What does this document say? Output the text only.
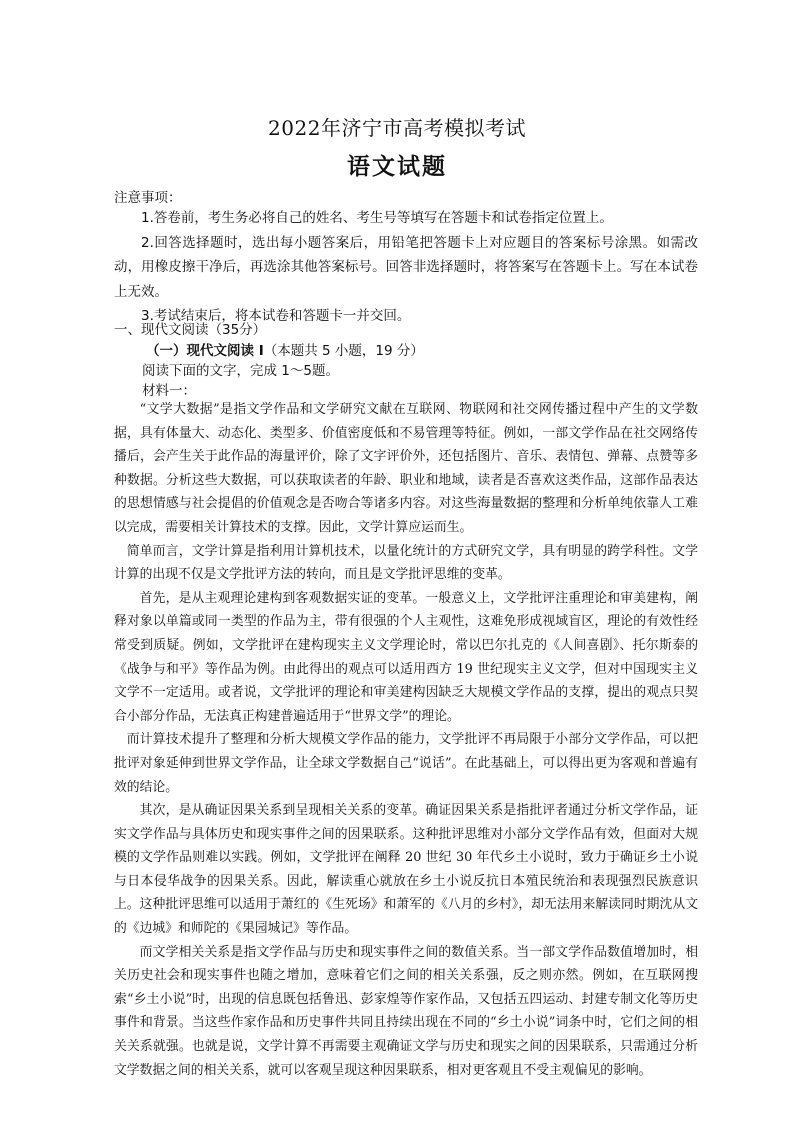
2022年济宁市高考模拟考试
语文试题
注意事项：

1.答卷前，考生务必将自己的姓名、考生号等填写在答题卡和试卷指定位置上。

2.回答选择题时，选出每小题答案后，用铅笔把答题卡上对应题目的答案标号涂黑。如需改动，用橡皮擦干净后，再选涂其他答案标号。回答非选择题时，将答案写在答题卡上。写在本试卷上无效。

3.考试结束后，将本试卷和答题卡一并交回。

一、现代文阅读（35分）
（一）现代文阅读 I（本题共 5 小题，19 分）
阅读下面的文字，完成 1～5题。
材料一：

“文学大数据”是指文学作品和文学研究文献在互联网、物联网和社交网传播过程中产生的文学数据，具有体量大、动态化、类型多、价值密度低和不易管理等特征。例如，一部文学作品在社交网络传播后，会产生关于此作品的海量评价，除了文字评价外，还包括图片、音乐、表情包、弹幕、点赞等多种数据。分析这些大数据，可以获取读者的年龄、职业和地域，读者是否喜欢这类作品，这部作品表达的思想情感与社会提倡的价值观念是否吻合等诸多内容。对这些海量数据的整理和分析单纯依靠人工难以完成，需要相关计算技术的支撑。因此，文学计算应运而生。

简单而言，文学计算是指利用计算机技术，以量化统计的方式研究文学，具有明显的跨学科性。文学计算的出现不仅是文学批评方法的转向，而且是文学批评思维的变革。

首先，是从主观理论建构到客观数据实证的变革。一般意义上，文学批评注重理论和审美建构，阐释对象以单篇或同一类型的作品为主，带有很强的个人主观性，这难免形成视域盲区，理论的有效性经常受到质疑。例如，文学批评在建构现实主义文学理论时，常以巴尔扎克的《人间喜剧》、托尔斯泰的《战争与和平》等作品为例。由此得出的观点可以适用西方 19 世纪现实主义文学，但对中国现实主义文学不一定适用。或者说，文学批评的理论和审美建构因缺乏大规模文学作品的支撑，提出的观点只契合小部分作品，无法真正构建普遍适用于“世界文学”的理论。

而计算技术提升了整理和分析大规模文学作品的能力，文学批评不再局限于小部分文学作品，可以把批评对象延伸到世界文学作品，让全球文学数据自己“说话”。在此基础上，可以得出更为客观和普遍有效的结论。

其次，是从确证因果关系到呈现相关关系的变革。确证因果关系是指批评者通过分析文学作品，证实文学作品与具体历史和现实事件之间的因果联系。这种批评思维对小部分文学作品有效，但面对大规模的文学作品则难以实践。例如，文学批评在阐释 20 世纪 30 年代乡土小说时，致力于确证乡土小说与日本侵华战争的因果关系。因此，解读重心就放在乡土小说反抗日本殖民统治和表现强烈民族意识上。这种批评思维可以适用于萧红的《生死场》和萧军的《八月的乡村》，却无法用来解读同时期沈从文的《边城》和师陀的《果园城记》等作品。

而文学相关关系是指文学作品与历史和现实事件之间的数值关系。当一部文学作品数值增加时，相关历史社会和现实事件也随之增加，意味着它们之间的相关关系强，反之则亦然。例如，在互联网搜索“乡土小说”时，出现的信息既包括鲁迅、彭家煌等作家作品，又包括五四运动、封建专制文化等历史事件和背景。当这些作家作品和历史事件共同且持续出现在不同的“乡土小说”词条中时，它们之间的相关关系就强。也就是说，文学计算不再需要主观确证文学与历史和现实之间的因果联系，只需通过分析文学数据之间的相关关系，就可以客观呈现这种因果联系，相对更客观且不受主观偏见的影响。
